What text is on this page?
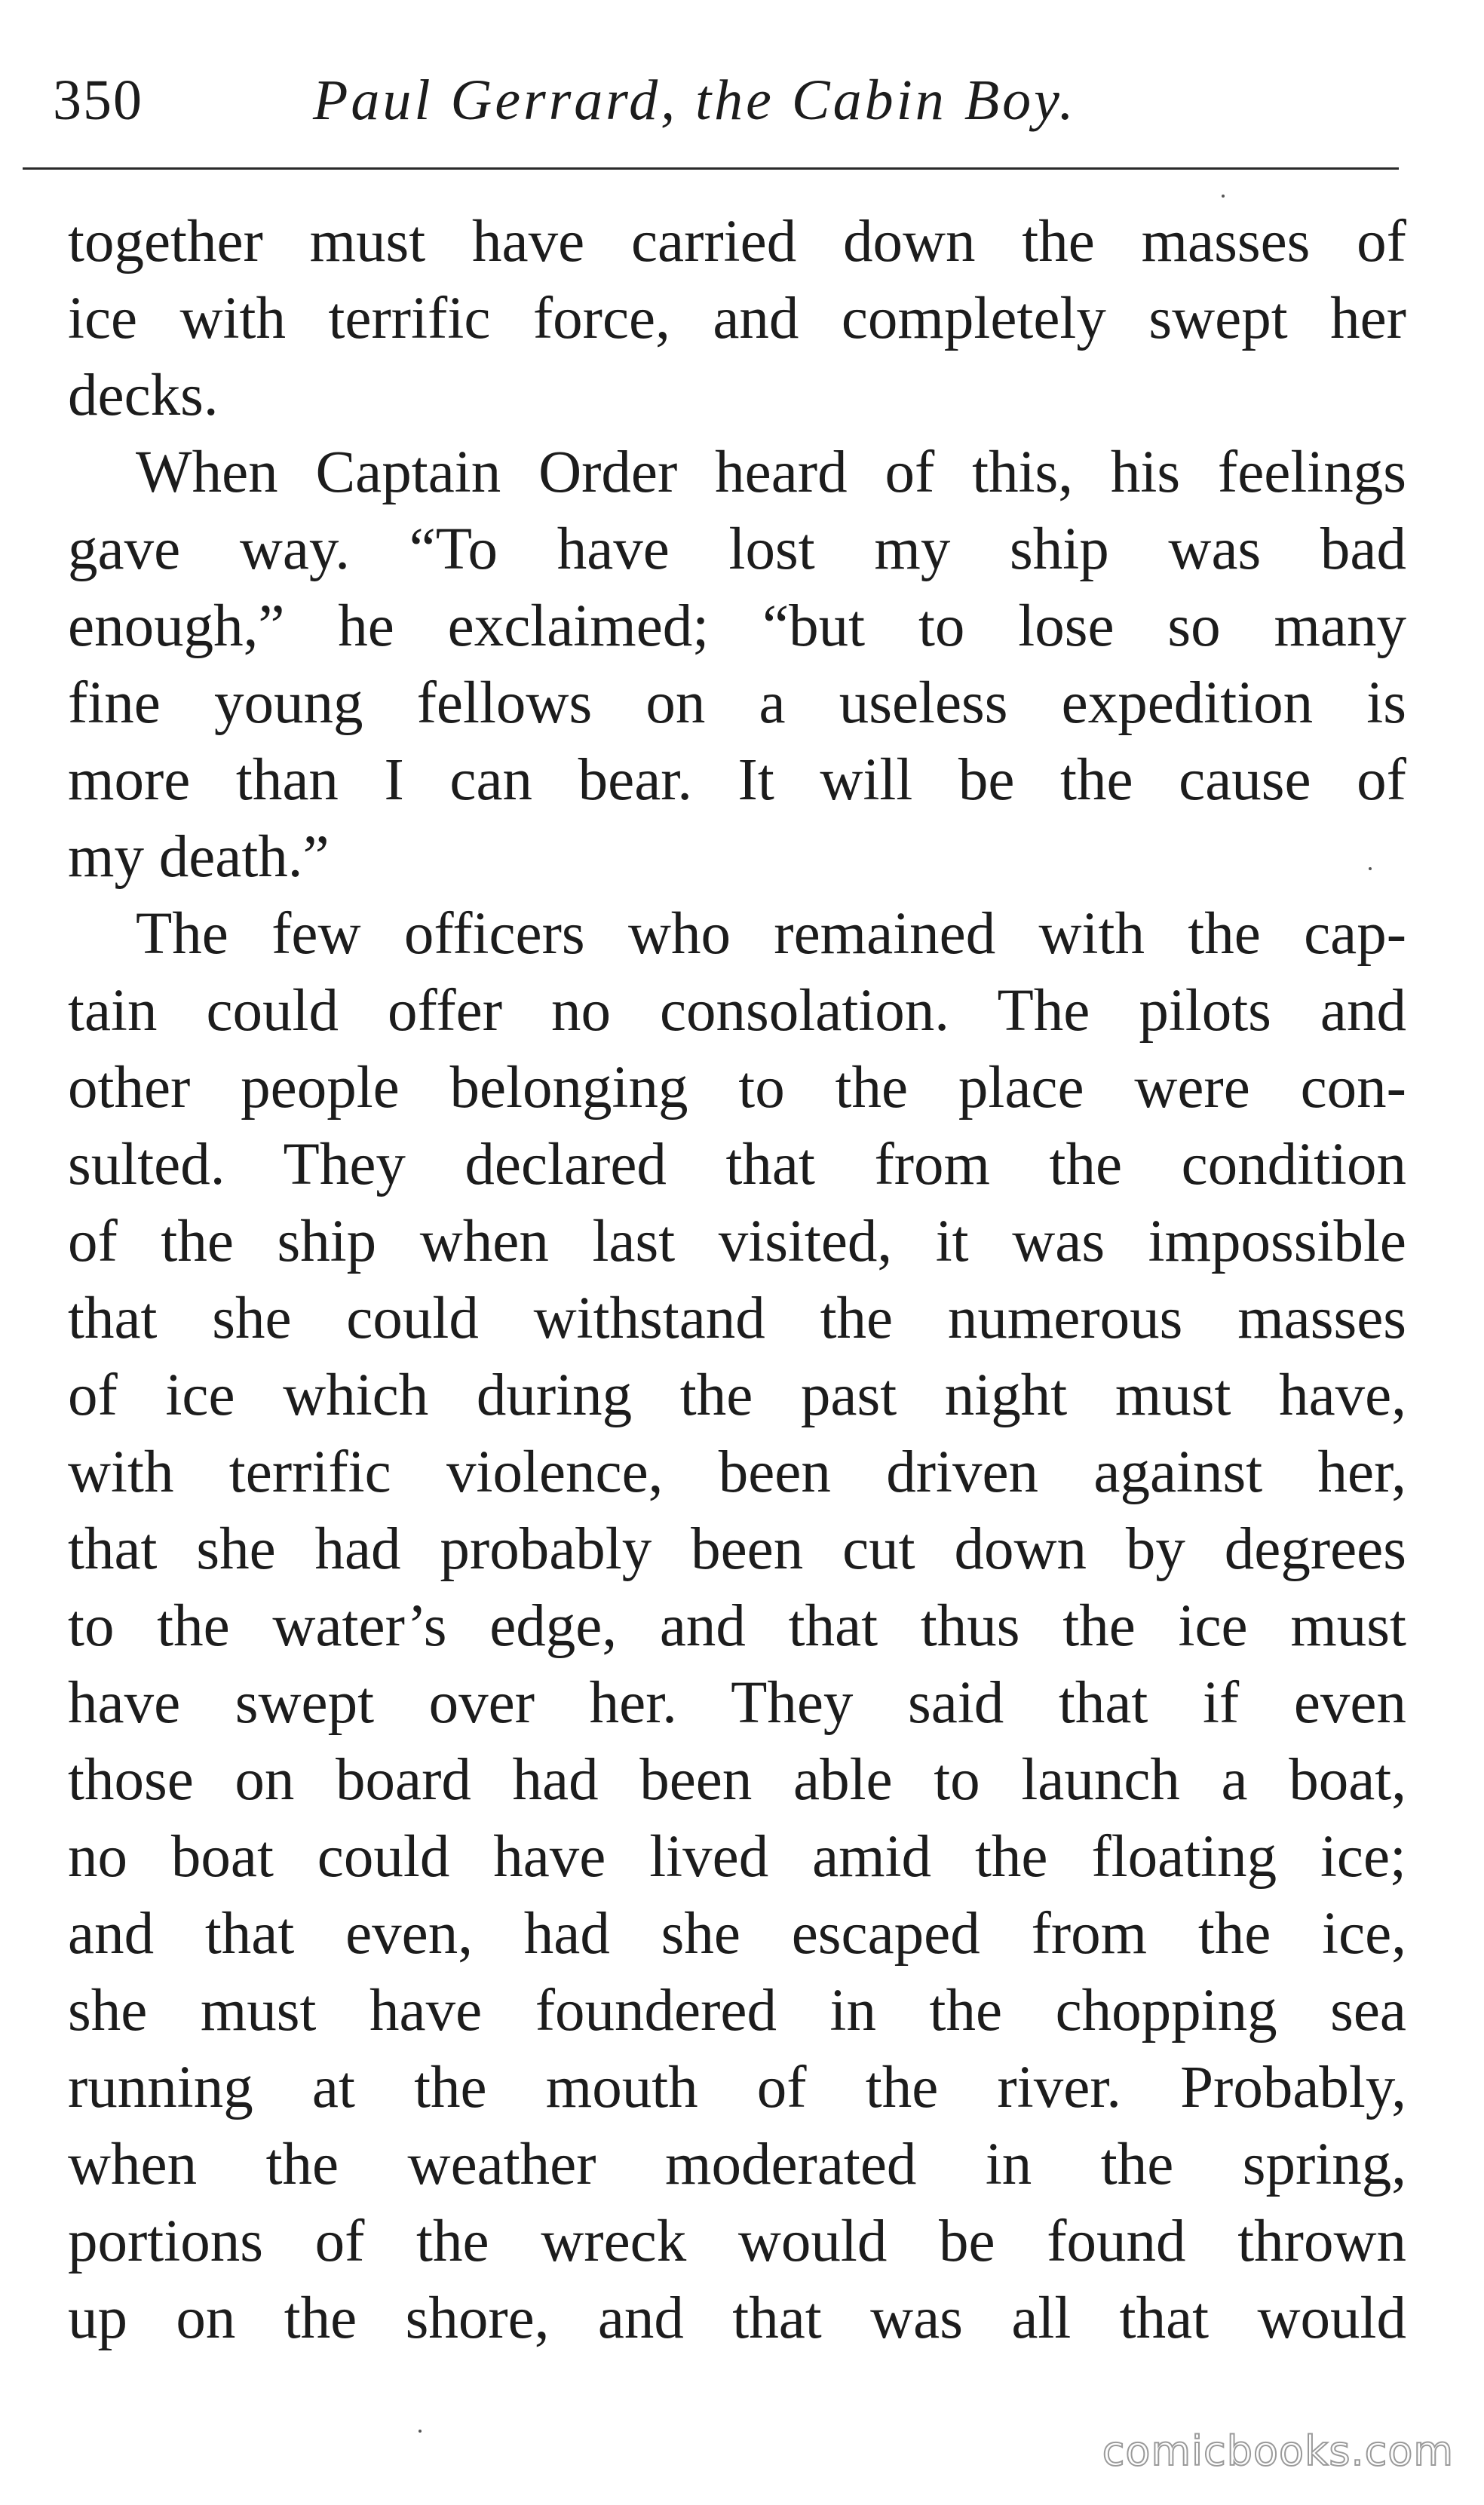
350	Paul Gerrard, the Cabin Boy.
together must have carried down the masses of
ice with terrific force, and completely swept her
decks.
When Captain Order heard of this, his feelings
gave way. “To have lost my ship was bad
enough,” he exclaimed; “but to lose so many
fine young fellows on a useless expedition is
more than I can bear. It will be the cause of
my death.”
The few officers who remained with the cap-
tain could offer no consolation. The pilots and
other people belonging to the place were con-
sulted. They declared that from the condition
of the ship when last visited, it was impossible
that she could withstand the numerous masses
of ice which during the past night must have,
with terrific violence, been driven against her,
that she had probably been cut down by degrees
to the water’s edge, and that thus the ice must
have swept over her. They said that if even
those on board had been able to launch a boat,
no boat could have lived amid the floating ice;
and that even, had she escaped from the ice,
she must have foundered in the chopping sea
running at the mouth of the river. Probably,
when the weather moderated in the spring,
portions of the wreck would be found thrown
up on the shore, and that was all that would
comicbooks.com
